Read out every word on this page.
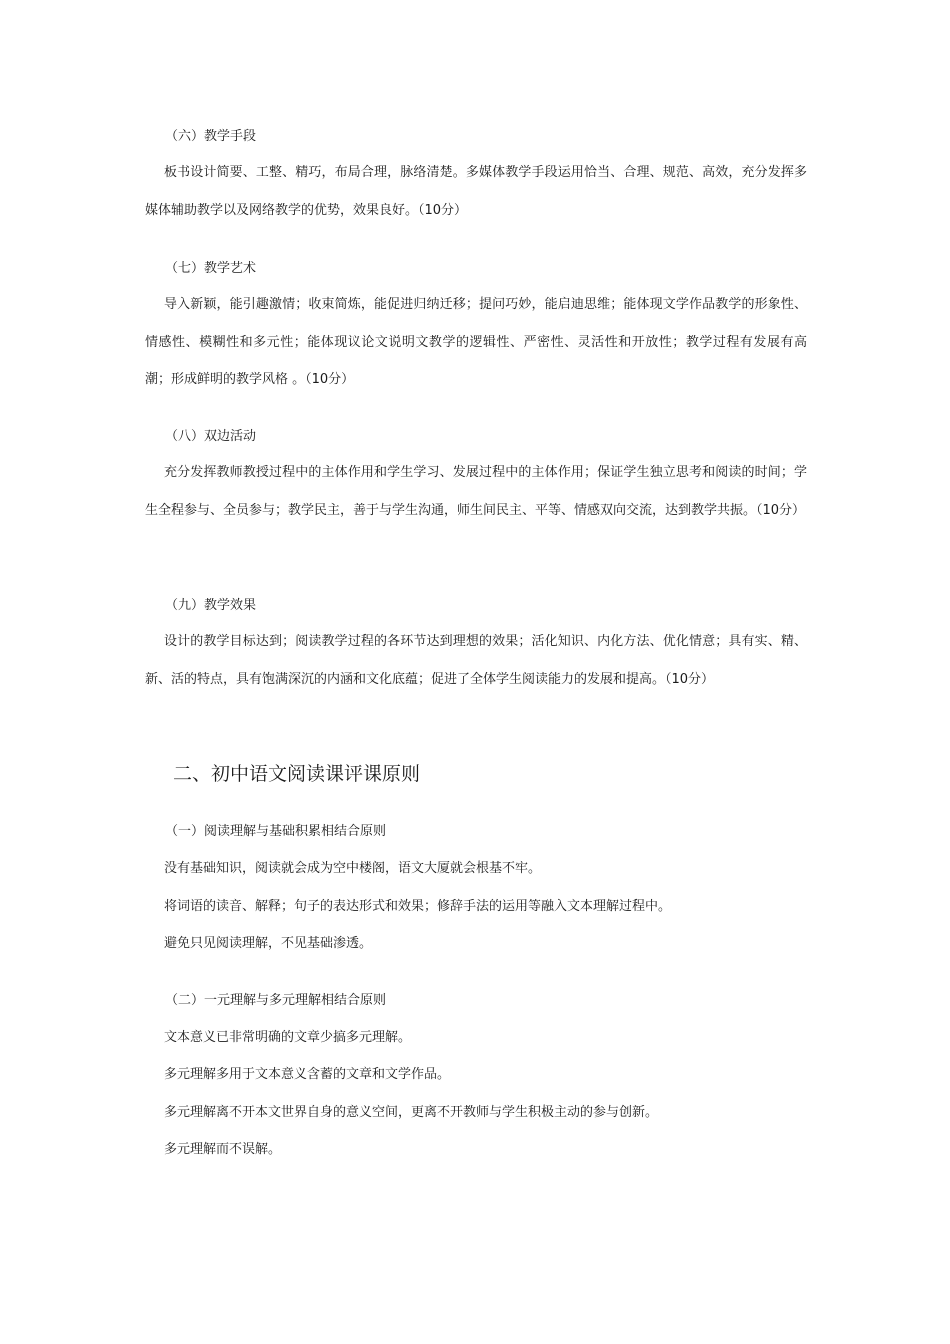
（六）教学手段
板书设计简要、工整、精巧，布局合理，脉络清楚。多媒体教学手段运用恰当、合理、规范、高效，充分发挥多媒体辅助教学以及网络教学的优势，效果良好。（10分）
（七）教学艺术
导入新颖，能引趣激情；收束简炼，能促进归纳迁移；提问巧妙，能启迪思维；能体现文学作品教学的形象性、情感性、模糊性和多元性；能体现议论文说明文教学的逻辑性、严密性、灵活性和开放性；教学过程有发展有高潮；形成鲜明的教学风格 。（10分）
（八）双边活动
充分发挥教师教授过程中的主体作用和学生学习、发展过程中的主体作用；保证学生独立思考和阅读的时间；学生全程参与、全员参与；教学民主，善于与学生沟通，师生间民主、平等、情感双向交流，达到教学共振。（10分）
（九）教学效果
设计的教学目标达到；阅读教学过程的各环节达到理想的效果；活化知识、内化方法、优化情意；具有实、精、新、活的特点，具有饱满深沉的内涵和文化底蕴；促进了全体学生阅读能力的发展和提高。（10分）
二、初中语文阅读课评课原则
（一）阅读理解与基础积累相结合原则
没有基础知识，阅读就会成为空中楼阁，语文大厦就会根基不牢。
将词语的读音、解释；句子的表达形式和效果；修辞手法的运用等融入文本理解过程中。
避免只见阅读理解，不见基础渗透。
（二）一元理解与多元理解相结合原则
文本意义已非常明确的文章少搞多元理解。
多元理解多用于文本意义含蓄的文章和文学作品。
多元理解离不开本文世界自身的意义空间，更离不开教师与学生积极主动的参与创新。
多元理解而不误解。
